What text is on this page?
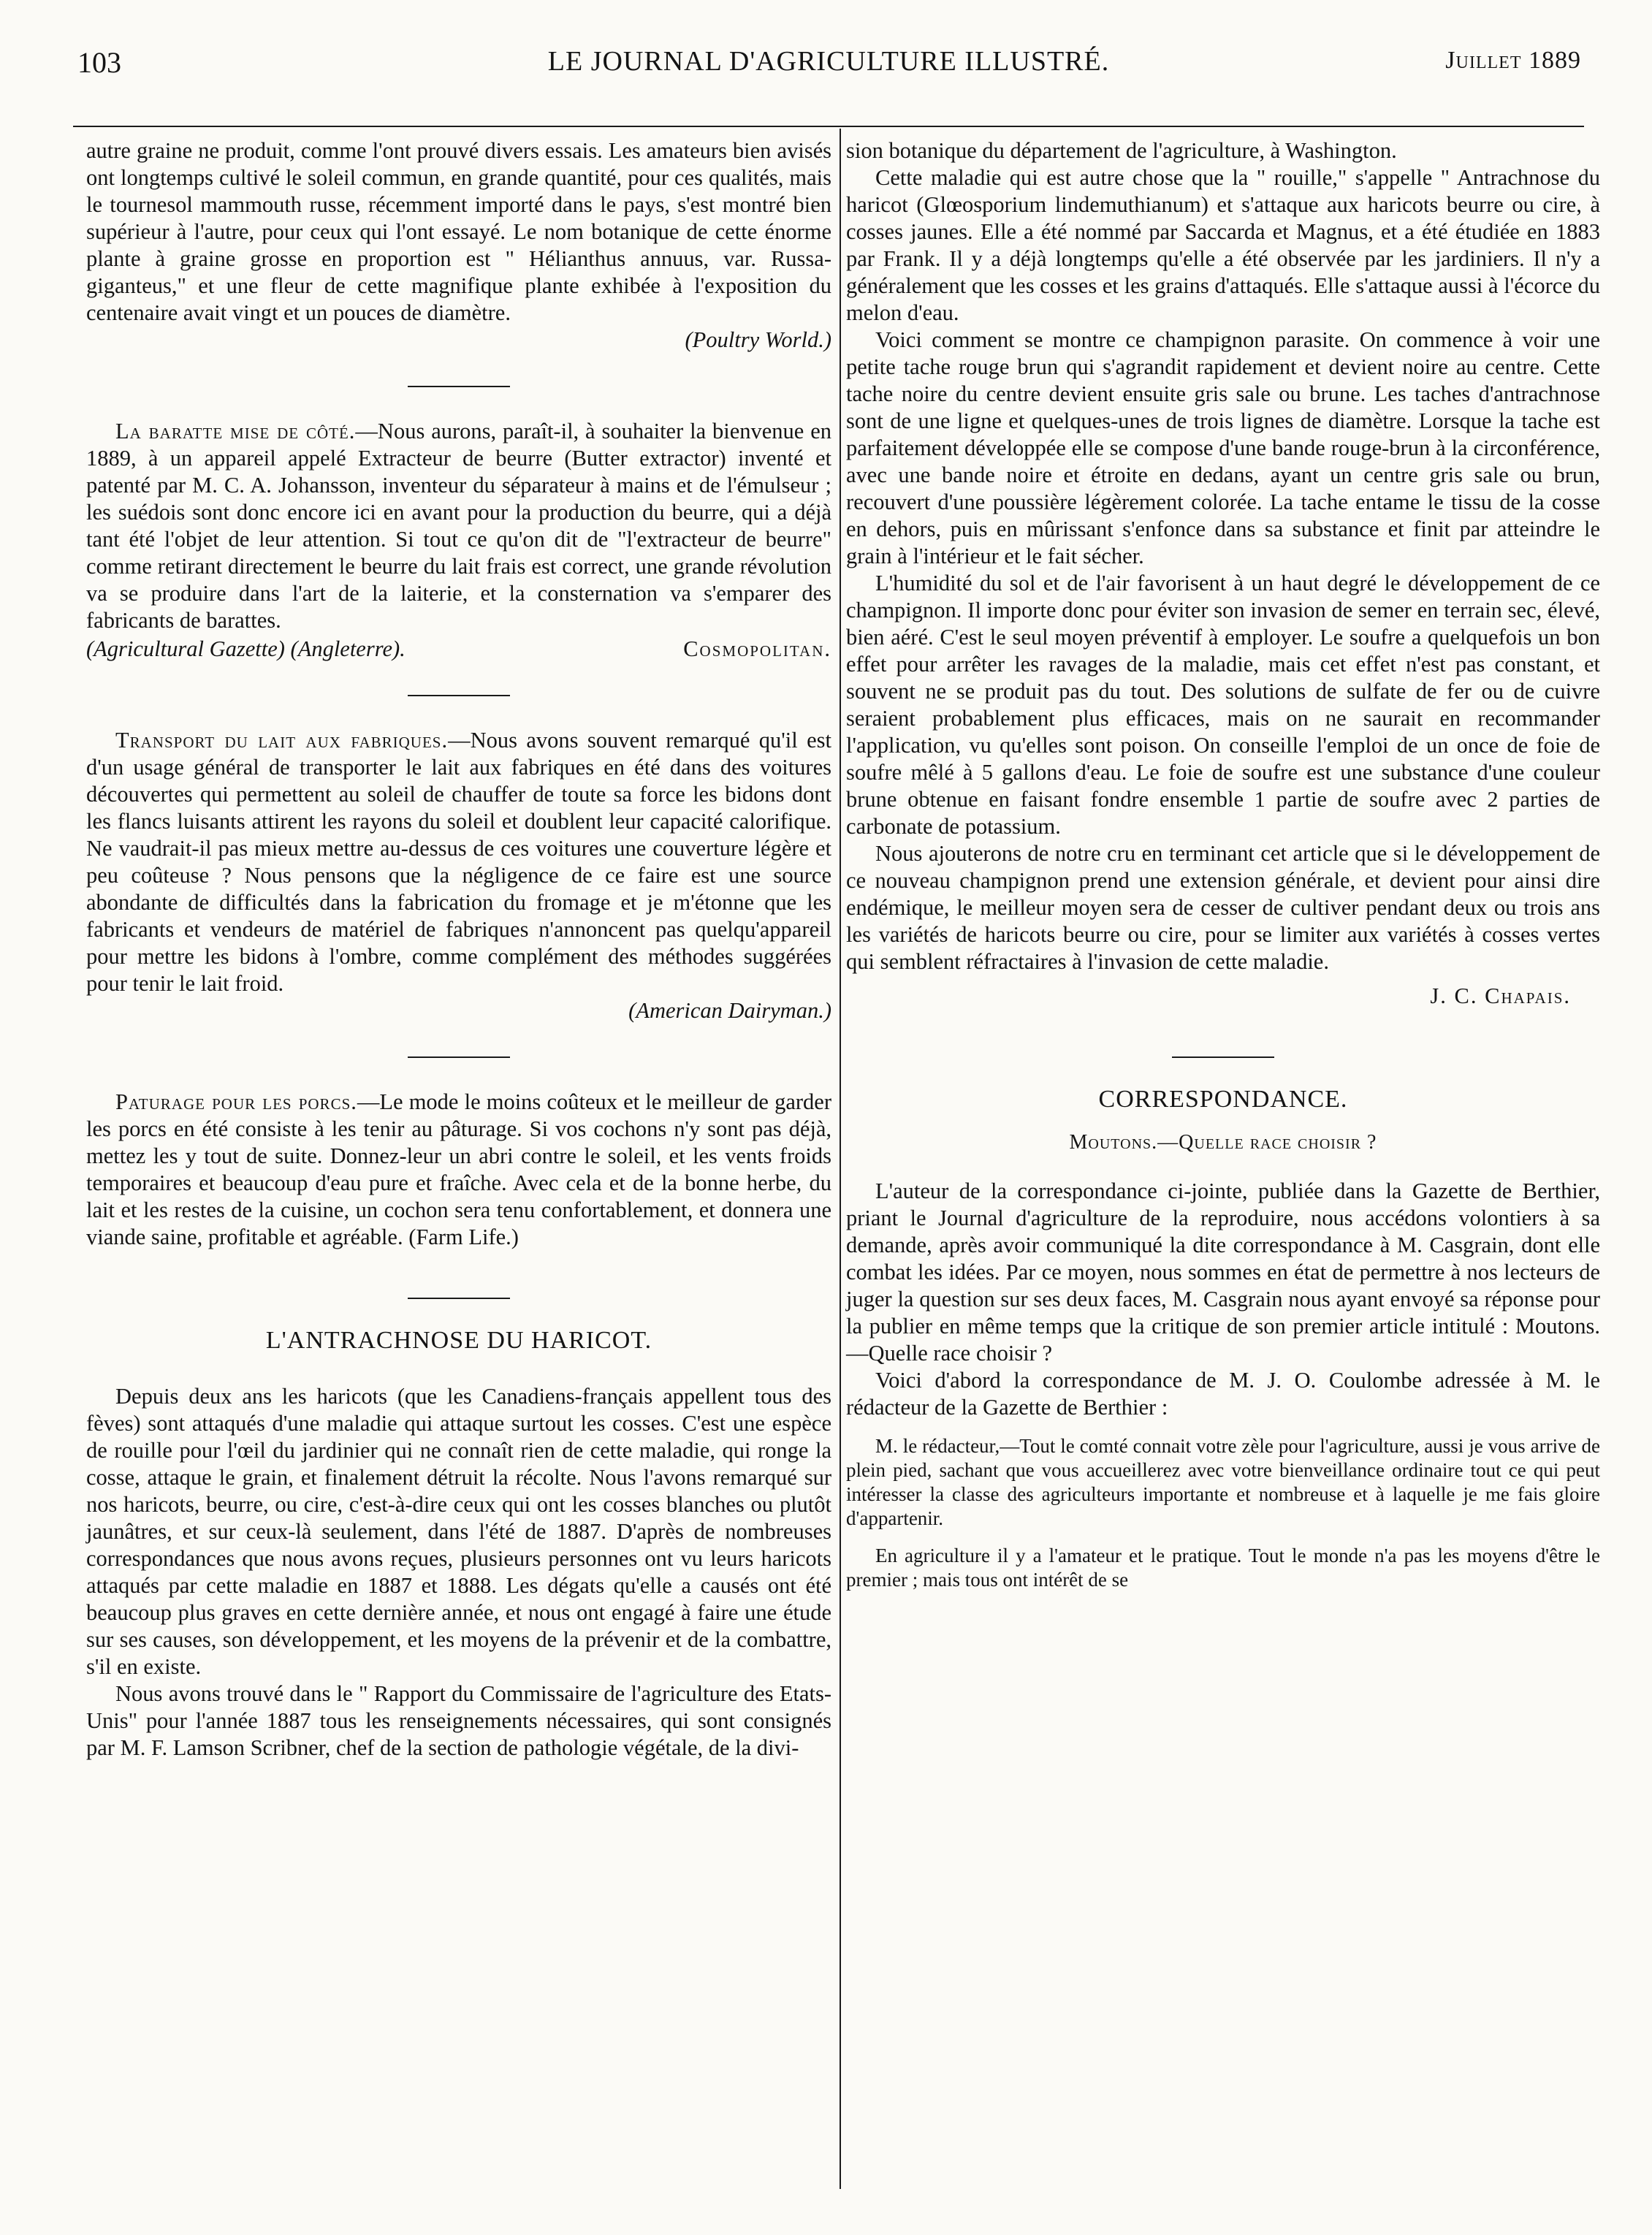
103	LE JOURNAL D'AGRICULTURE ILLUSTRÉ.	Juillet 1889

autre graine ne produit, comme l'ont prouvé divers essais. Les amateurs bien avisés ont longtemps cultivé le soleil commun, en grande quantité, pour ces qualités, mais le tournesol mammouth russe, récemment importé dans le pays, s'est montré bien supérieur à l'autre, pour ceux qui l'ont essayé. Le nom botanique de cette énorme plante à graine grosse en proportion est " Hélianthus annuus, var. Russa-giganteus," et une fleur de cette magnifique plante exhibée à l'exposition du centenaire avait vingt et un pouces de diamètre.

(Poultry World.)

La baratte mise de côté.—Nous aurons, paraît-il, à souhaiter la bienvenue en 1889, à un appareil appelé Extracteur de beurre (Butter extractor) inventé et patenté par M. C. A. Johansson, inventeur du séparateur à mains et de l'émulseur ; les suédois sont donc encore ici en avant pour la production du beurre, qui a déjà tant été l'objet de leur attention. Si tout ce qu'on dit de "l'extracteur de beurre" comme retirant directement le beurre du lait frais est correct, une grande révolution va se produire dans l'art de la laiterie, et la consternation va s'emparer des fabricants de barattes.

(Agricultural Gazette) (Angleterre).	Cosmopolitan.

Transport du lait aux fabriques.—Nous avons souvent remarqué qu'il est d'un usage général de transporter le lait aux fabriques en été dans des voitures découvertes qui permettent au soleil de chauffer de toute sa force les bidons dont les flancs luisants attirent les rayons du soleil et doublent leur capacité calorifique. Ne vaudrait-il pas mieux mettre au-dessus de ces voitures une couverture légère et peu coûteuse ? Nous pensons que la négligence de ce faire est une source abondante de difficultés dans la fabrication du fromage et je m'étonne que les fabricants et vendeurs de matériel de fabriques n'annoncent pas quelqu'appareil pour mettre les bidons à l'ombre, comme complément des méthodes suggérées pour tenir le lait froid.

(American Dairyman.)

Paturage pour les porcs.—Le mode le moins coûteux et le meilleur de garder les porcs en été consiste à les tenir au pâturage. Si vos cochons n'y sont pas déjà, mettez les y tout de suite. Donnez-leur un abri contre le soleil, et les vents froids temporaires et beaucoup d'eau pure et fraîche. Avec cela et de la bonne herbe, du lait et les restes de la cuisine, un cochon sera tenu confortablement, et donnera une viande saine, profitable et agréable. (Farm Life.)

L'ANTRACHNOSE DU HARICOT.

Depuis deux ans les haricots (que les Canadiens-français appellent tous des fèves) sont attaqués d'une maladie qui attaque surtout les cosses. C'est une espèce de rouille pour l'œil du jardinier qui ne connaît rien de cette maladie, qui ronge la cosse, attaque le grain, et finalement détruit la récolte. Nous l'avons remarqué sur nos haricots, beurre, ou cire, c'est-à-dire ceux qui ont les cosses blanches ou plutôt jaunâtres, et sur ceux-là seulement, dans l'été de 1887. D'après de nombreuses correspondances que nous avons reçues, plusieurs personnes ont vu leurs haricots attaqués par cette maladie en 1887 et 1888. Les dégats qu'elle a causés ont été beaucoup plus graves en cette dernière année, et nous ont engagé à faire une étude sur ses causes, son développement, et les moyens de la prévenir et de la combattre, s'il en existe.

Nous avons trouvé dans le " Rapport du Commissaire de l'agriculture des Etats-Unis" pour l'année 1887 tous les renseignements nécessaires, qui sont consignés par M. F. Lamson Scribner, chef de la section de pathologie végétale, de la divi-

sion botanique du département de l'agriculture, à Washington.

Cette maladie qui est autre chose que la " rouille," s'appelle " Antrachnose du haricot (Glœosporium lindemuthianum) et s'attaque aux haricots beurre ou cire, à cosses jaunes. Elle a été nommé par Saccarda et Magnus, et a été étudiée en 1883 par Frank. Il y a déjà longtemps qu'elle a été observée par les jardiniers. Il n'y a généralement que les cosses et les grains d'attaqués. Elle s'attaque aussi à l'écorce du melon d'eau.

Voici comment se montre ce champignon parasite. On commence à voir une petite tache rouge brun qui s'agrandit rapidement et devient noire au centre. Cette tache noire du centre devient ensuite gris sale ou brune. Les taches d'antrachnose sont de une ligne et quelques-unes de trois lignes de diamètre. Lorsque la tache est parfaitement développée elle se compose d'une bande rouge-brun à la circonférence, avec une bande noire et étroite en dedans, ayant un centre gris sale ou brun, recouvert d'une poussière légèrement colorée. La tache entame le tissu de la cosse en dehors, puis en mûrissant s'enfonce dans sa substance et finit par atteindre le grain à l'intérieur et le fait sécher.

L'humidité du sol et de l'air favorisent à un haut degré le développement de ce champignon. Il importe donc pour éviter son invasion de semer en terrain sec, élevé, bien aéré. C'est le seul moyen préventif à employer. Le soufre a quelquefois un bon effet pour arrêter les ravages de la maladie, mais cet effet n'est pas constant, et souvent ne se produit pas du tout. Des solutions de sulfate de fer ou de cuivre seraient probablement plus efficaces, mais on ne saurait en recommander l'application, vu qu'elles sont poison. On conseille l'emploi de un once de foie de soufre mêlé à 5 gallons d'eau. Le foie de soufre est une substance d'une couleur brune obtenue en faisant fondre ensemble 1 partie de soufre avec 2 parties de carbonate de potassium.

Nous ajouterons de notre cru en terminant cet article que si le développement de ce nouveau champignon prend une extension générale, et devient pour ainsi dire endémique, le meilleur moyen sera de cesser de cultiver pendant deux ou trois ans les variétés de haricots beurre ou cire, pour se limiter aux variétés à cosses vertes qui semblent réfractaires à l'invasion de cette maladie.

J. C. Chapais.
CORRESPONDANCE.
Moutons.—Quelle race choisir ?

L'auteur de la correspondance ci-jointe, publiée dans la Gazette de Berthier, priant le Journal d'agriculture de la reproduire, nous accédons volontiers à sa demande, après avoir communiqué la dite correspondance à M. Casgrain, dont elle combat les idées. Par ce moyen, nous sommes en état de permettre à nos lecteurs de juger la question sur ses deux faces, M. Casgrain nous ayant envoyé sa réponse pour la publier en même temps que la critique de son premier article intitulé : Moutons.—Quelle race choisir ?

Voici d'abord la correspondance de M. J. O. Coulombe adressée à M. le rédacteur de la Gazette de Berthier :

M. le rédacteur,—Tout le comté connait votre zèle pour l'agriculture, aussi je vous arrive de plein pied, sachant que vous accueillerez avec votre bienveillance ordinaire tout ce qui peut intéresser la classe des agriculteurs importante et nombreuse et à laquelle je me fais gloire d'appartenir.

En agriculture il y a l'amateur et le pratique. Tout le monde n'a pas les moyens d'être le premier ; mais tous ont intérêt de se
